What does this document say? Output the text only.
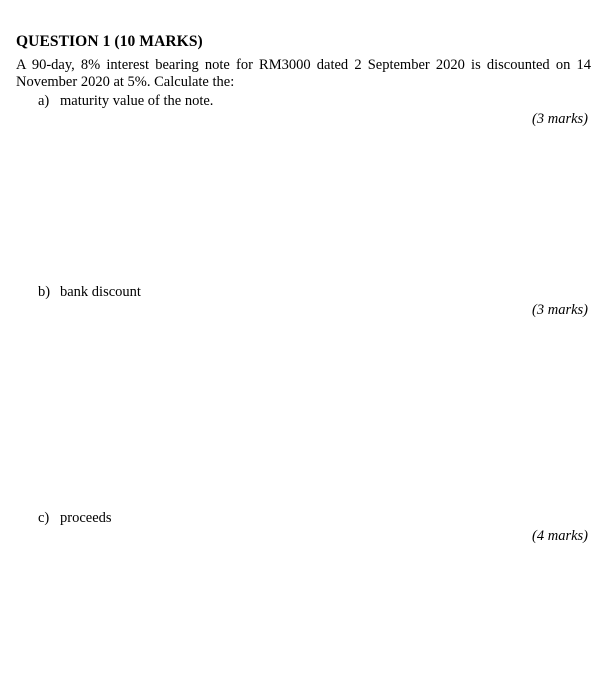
QUESTION 1 (10 MARKS)
A 90-day, 8% interest bearing note for RM3000 dated 2 September 2020 is discounted on 14
November 2020 at 5%. Calculate the:
a) maturity value of the note.
(3 marks)
b) bank discount
(3 marks)
c) proceeds
(4 marks)
